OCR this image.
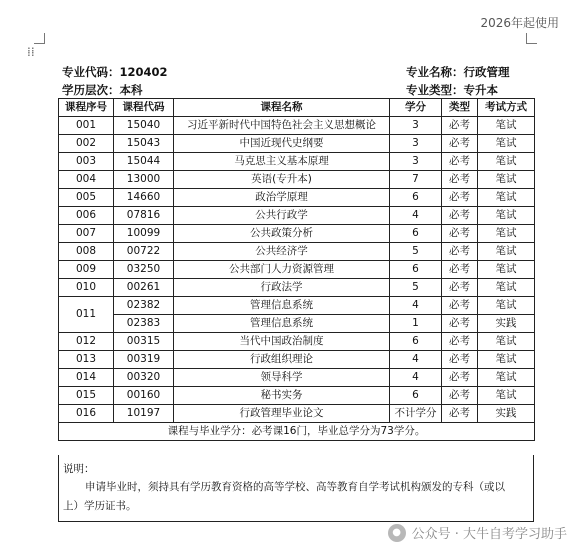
2026年起使用
⁞⁞
专业代码：120402	专业名称：行政管理
学历层次：本科	专业类型：专升本
课程序号	课程代码	课程名称	学分	类型	考试方式
001	15040	习近平新时代中国特色社会主义思想概论	3	必考	笔试
002	15043	中国近现代史纲要	3	必考	笔试
003	15044	马克思主义基本原理	3	必考	笔试
004	13000	英语(专升本)	7	必考	笔试
005	14660	政治学原理	6	必考	笔试
006	07816	公共行政学	4	必考	笔试
007	10099	公共政策分析	6	必考	笔试
008	00722	公共经济学	5	必考	笔试
009	03250	公共部门人力资源管理	6	必考	笔试
010	00261	行政法学	5	必考	笔试
011	02382	管理信息系统	4	必考	笔试
	02383	管理信息系统	1	必考	实践
012	00315	当代中国政治制度	6	必考	笔试
013	00319	行政组织理论	4	必考	笔试
014	00320	领导科学	4	必考	笔试
015	00160	秘书实务	6	必考	笔试
016	10197	行政管理毕业论文	不计学分	必考	实践
课程与毕业学分：必考课16门，毕业总学分为73学分。					
说明：
申请毕业时，须持具有学历教育资格的高等学校、高等教育自学考试机构颁发的专科（或以
上）学历证书。
● 公众号 · 大牛自考学习助手
